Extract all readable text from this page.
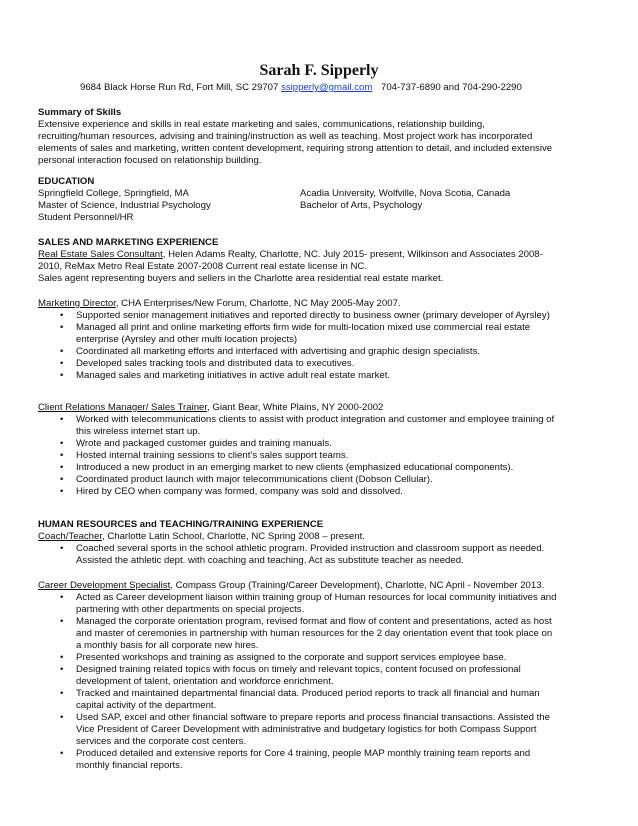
Sarah F. Sipperly
9684 Black Horse Run Rd, Fort Mill, SC 29707 ssipperly@gmail.com 704-737-6890 and 704-290-2290

Summary of Skills

Extensive experience and skills in real estate marketing and sales, communications, relationship building,

recruiting/human resources, advising and training/instruction as well as teaching. Most project work has incorporated

elements of sales and marketing, written content development, requiring strong attention to detail, and included extensive

personal interaction focused on relationship building.

EDUCATION

Springfield College, Springfield, MA	Acadia University, Wolfville, Nova Scotia, Canada
Master of Science, Industrial Psychology	Bachelor of Arts, Psychology
Student Personnel/HR

SALES AND MARKETING EXPERIENCE

Real Estate Sales Consultant, Helen Adams Realty, Charlotte, NC. July 2015- present, Wilkinson and Associates 2008-

2010, ReMax Metro Real Estate 2007-2008 Current real estate license in NC.

Sales agent representing buyers and sellers in the Charlotte area residential real estate market.

Marketing Director, CHA Enterprises/New Forum, Charlotte, NC May 2005-May 2007.

• Supported senior management initiatives and reported directly to business owner (primary developer of Ayrsley)
• Managed all print and online marketing efforts firm wide for multi-location mixed use commercial real estate
enterprise (Ayrsley and other multi location projects)
• Coordinated all marketing efforts and interfaced with advertising and graphic design specialists.
• Developed sales tracking tools and distributed data to executives.
• Managed sales and marketing initiatives in active adult real estate market.

Client Relations Manager/ Sales Trainer, Giant Bear, White Plains, NY 2000-2002

• Worked with telecommunications clients to assist with product integration and customer and employee training of
this wireless internet start up.
• Wrote and packaged customer guides and training manuals.
• Hosted internal training sessions to client’s sales support teams.
• Introduced a new product in an emerging market to new clients (emphasized educational components).
• Coordinated product launch with major telecommunications client (Dobson Cellular).
• Hired by CEO when company was formed, company was sold and dissolved.

HUMAN RESOURCES and TEACHING/TRAINING EXPERIENCE

Coach/Teacher, Charlotte Latin School, Charlotte, NC Spring 2008 – present.

• Coached several sports in the school athletic program. Provided instruction and classroom support as needed.
Assisted the athletic dept. with coaching and teaching. Act as substitute teacher as needed.

Career Development Specialist, Compass Group (Training/Career Development), Charlotte, NC April - November 2013.

• Acted as Career development liaison within training group of Human resources for local community initiatives and
partnering with other departments on special projects.
• Managed the corporate orientation program, revised format and flow of content and presentations, acted as host
and master of ceremonies in partnership with human resources for the 2 day orientation event that took place on
a monthly basis for all corporate new hires.
• Presented workshops and training as assigned to the corporate and support services employee base.
• Designed training related topics with focus on timely and relevant topics, content focused on professional
development of talent, orientation and workforce enrichment.
• Tracked and maintained departmental financial data. Produced period reports to track all financial and human
capital activity of the department.
• Used SAP, excel and other financial software to prepare reports and process financial transactions. Assisted the
Vice President of Career Development with administrative and budgetary logistics for both Compass Support
services and the corporate cost centers.
• Produced detailed and extensive reports for Core 4 training, people MAP monthly training team reports and
monthly financial reports.
